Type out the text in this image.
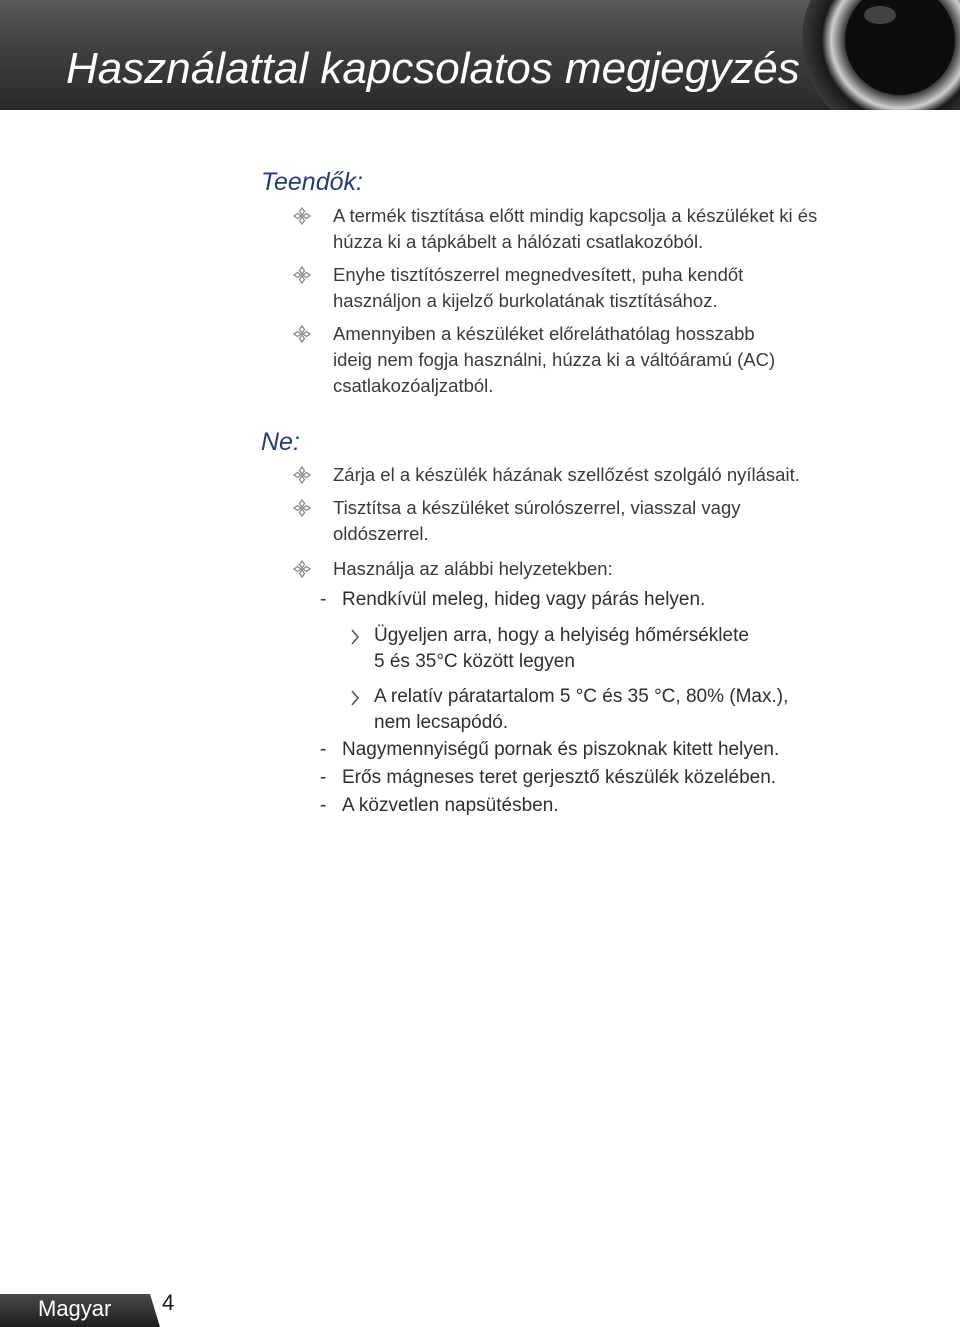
Használattal kapcsolatos megjegyzés
Teendők:
A termék tisztítása előtt mindig kapcsolja a készüléket ki és
húzza ki a tápkábelt a hálózati csatlakozóból.
Enyhe tisztítószerrel megnedvesített, puha kendőt
használjon a kijelző burkolatának tisztításához.
Amennyiben a készüléket előreláthatólag hosszabb
ideig nem fogja használni, húzza ki a váltóáramú (AC)
csatlakozóaljzatból.
Ne:
Zárja el a készülék házának szellőzést szolgáló nyílásait.
Tisztítsa a készüléket súrolószerrel, viasszal vagy
oldószerrel.
Használja az alábbi helyzetekben:
- Rendkívül meleg, hideg vagy párás helyen.
Ügyeljen arra, hogy a helyiség hőmérséklete
5 és 35°C között legyen
A relatív páratartalom 5 °C és 35 °C, 80% (Max.),
nem lecsapódó.
- Nagymennyiségű pornak és piszoknak kitett helyen.
- Erős mágneses teret gerjesztő készülék közelében.
- A közvetlen napsütésben.
Magyar 4
